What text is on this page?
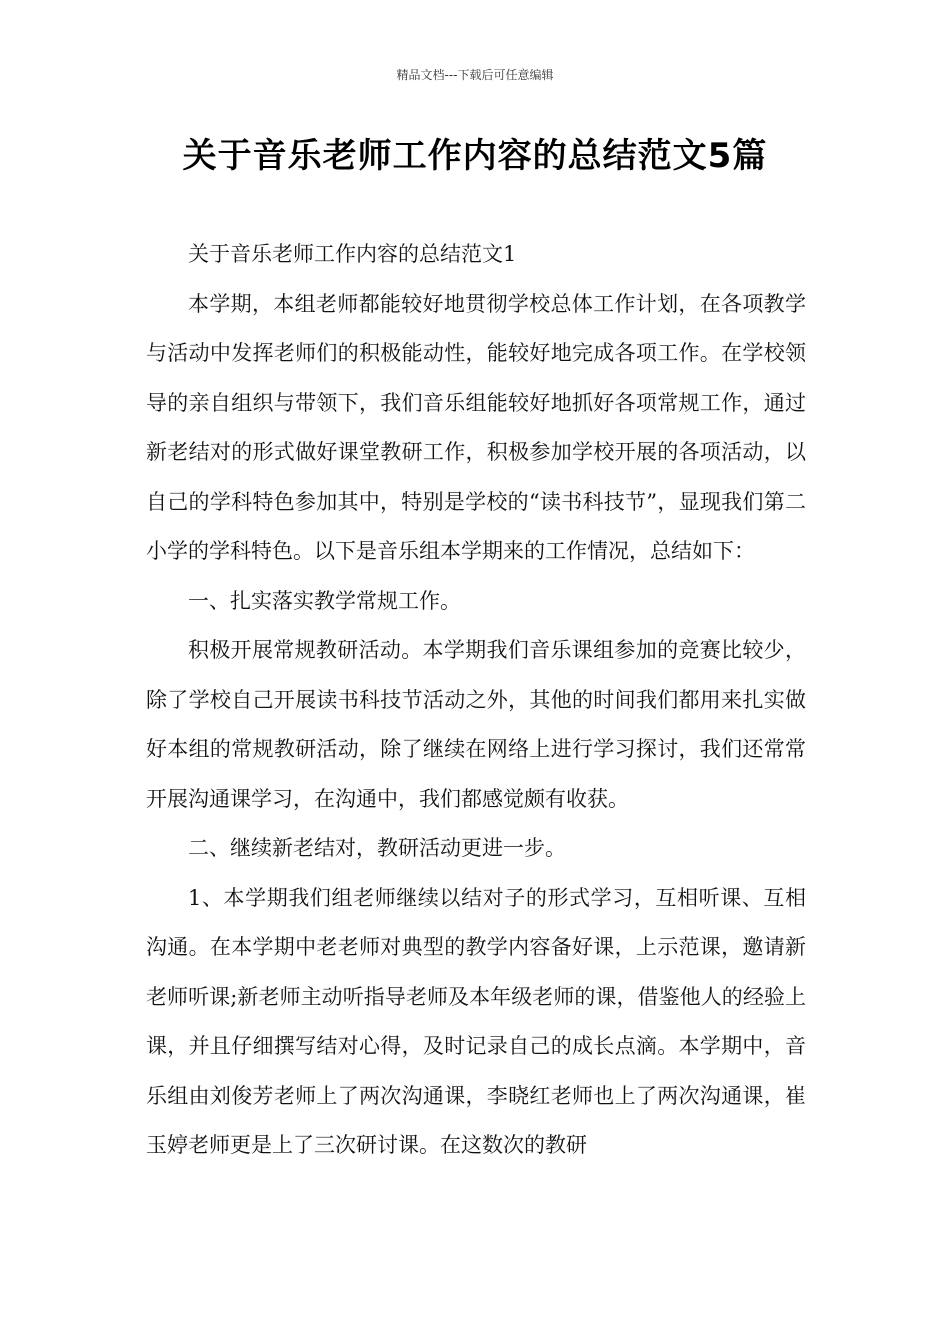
精品文档---下载后可任意编辑
关于音乐老师工作内容的总结范文5篇

关于音乐老师工作内容的总结范文1

本学期，本组老师都能较好地贯彻学校总体工作计划，在各项教学与活动中发挥老师们的积极能动性，能较好地完成各项工作。在学校领导的亲自组织与带领下，我们音乐组能较好地抓好各项常规工作，通过新老结对的形式做好课堂教研工作，积极参加学校开展的各项活动，以自己的学科特色参加其中，特别是学校的“读书科技节”，显现我们第二小学的学科特色。以下是音乐组本学期来的工作情况，总结如下：

一、扎实落实教学常规工作。

积极开展常规教研活动。本学期我们音乐课组参加的竞赛比较少，除了学校自己开展读书科技节活动之外，其他的时间我们都用来扎实做好本组的常规教研活动，除了继续在网络上进行学习探讨，我们还常常开展沟通课学习，在沟通中，我们都感觉颇有收获。

二、继续新老结对，教研活动更进一步。

1、本学期我们组老师继续以结对子的形式学习，互相听课、互相沟通。在本学期中老老师对典型的教学内容备好课，上示范课，邀请新老师听课;新老师主动听指导老师及本年级老师的课，借鉴他人的经验上课，并且仔细撰写结对心得，及时记录自己的成长点滴。本学期中，音乐组由刘俊芳老师上了两次沟通课，李晓红老师也上了两次沟通课，崔玉婷老师更是上了三次研讨课。在这数次的教研
